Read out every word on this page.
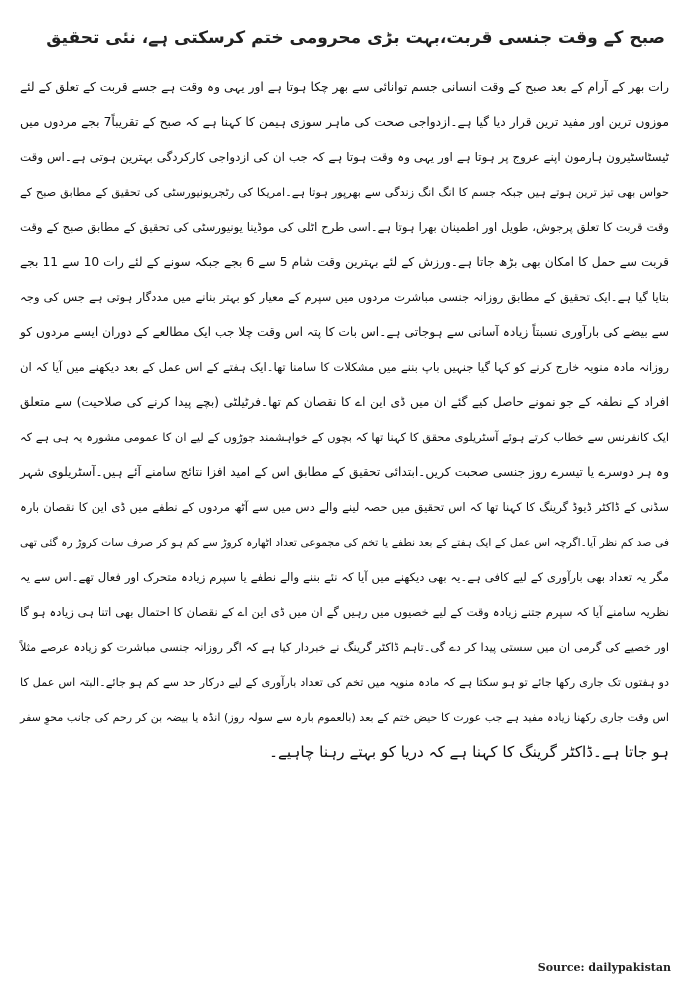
صبح کے وقت جنسی قربت،بہت بڑی محرومی ختم کرسکتی ہے، نئی تحقیق
رات بھر کے آرام کے بعد صبح کے وقت انسانی جسم توانائی سے بھر چکا ہوتا ہے اور یہی وہ وقت ہے جسے قربت کے تعلق کے لئے
موزوں ترین اور مفید ترین قرار دیا گیا ہے۔ازدواجی صحت کی ماہر سوزی ہیمن کا کہنا ہے کہ صبح کے تقریباً7 بجے مردوں میں
ٹیسٹاسٹیرون ہارمون اپنے عروج پر ہوتا ہے اور یہی وہ وقت ہوتا ہے کہ جب ان کی ازدواجی کارکردگی بہترین ہوتی ہے۔اس وقت
حواس بھی تیز ترین ہوتے ہیں جبکہ جسم کا انگ انگ زندگی سے بھرپور ہوتا ہے۔امریکا کی رٹجریونیورسٹی کی تحقیق کے مطابق صبح کے
وقت قربت کا تعلق پرجوش، طویل اور اطمینان بھرا ہوتا ہے۔اسی طرح اٹلی کی موڈینا یونیورسٹی کی تحقیق کے مطابق صبح کے وقت
قربت سے حمل کا امکان بھی بڑھ جاتا ہے۔ورزش کے لئے بہترین وقت شام 5 سے 6 بجے جبکہ سونے کے لئے رات 10 سے 11 بجے
بتایا گیا ہے۔ایک تحقیق کے مطابق روزانہ جنسی مباشرت مردوں میں سپرم کے معیار کو بہتر بنانے میں مددگار ہوتی ہے جس کی وجہ
سے بیضے کی بارآوری نسبتاً زیادہ آسانی سے ہوجاتی ہے۔اس بات کا پتہ اس وقت چلا جب ایک مطالعے کے دوران ایسے مردوں کو
روزانہ مادہ منویہ خارج کرنے کو کہا گیا جنہیں باپ بننے میں مشکلات کا سامنا تھا۔ایک ہفتے کے اس عمل کے بعد دیکھنے میں آیا کہ ان
افراد کے نطفہ کے جو نمونے حاصل کیے گئے ان میں ڈی این اے کا نقصان کم تھا۔فرٹیلٹی (بچے پیدا کرنے کی صلاحیت) سے متعلق
ایک کانفرنس سے خطاب کرتے ہوئے آسٹریلوی محقق کا کہنا تھا کہ بچوں کے خواہشمند جوڑوں کے لیے ان کا عمومی مشورہ یہ ہی ہے کہ
وہ ہر دوسرے یا تیسرے روز جنسی صحبت کریں۔ابتدائی تحقیق کے مطابق اس کے امید افزا نتائج سامنے آئے ہیں۔آسٹریلوی شہر
سڈنی کے ڈاکٹر ڈیوڈ گرینگ کا کہنا تھا کہ اس تحقیق میں حصہ لینے والے دس میں سے آٹھ مردوں کے نطفے میں ڈی این کا نقصان بارہ
فی صد کم نظر آیا۔اگرچہ اس عمل کے ایک ہفتے کے بعد نطفے یا تخم کی مجموعی تعداد اٹھارہ کروڑ سے کم ہو کر صرف سات کروڑ رہ گئی تھی
مگر یہ تعداد بھی بارآوری کے لیے کافی ہے۔یہ بھی دیکھنے میں آیا کہ نئے بننے والے نطفے یا سپرم زیادہ متحرک اور فعال تھے۔اس سے یہ
نظریہ سامنے آیا کہ سپرم جتنے زیادہ وقت کے لیے خصیوں میں رہیں گے ان میں ڈی این اے کے نقصان کا احتمال بھی اتنا ہی زیادہ ہو گا
اور خصیے کی گرمی ان میں سستی پیدا کر دے گی۔تاہم ڈاکٹر گرینگ نے خبردار کیا ہے کہ اگر روزانہ جنسی مباشرت کو زیادہ عرصے مثلاً
دو ہفتوں تک جاری رکھا جائے تو ہو سکتا ہے کہ مادہ منویہ میں تخم کی تعداد بارآوری کے لیے درکار حد سے کم ہو جائے۔البتہ اس عمل کا
اس وقت جاری رکھنا زیادہ مفید ہے جب عورت کا حیض ختم کے بعد (بالعموم بارہ سے سولہ روز) انڈہ یا بیضہ بن کر رحم کی جانب محوِ سفر
ہو جاتا ہے۔ڈاکٹر گرینگ کا کہنا ہے کہ دریا کو بہتے رہنا چاہیے۔
Source: dailypakistan
